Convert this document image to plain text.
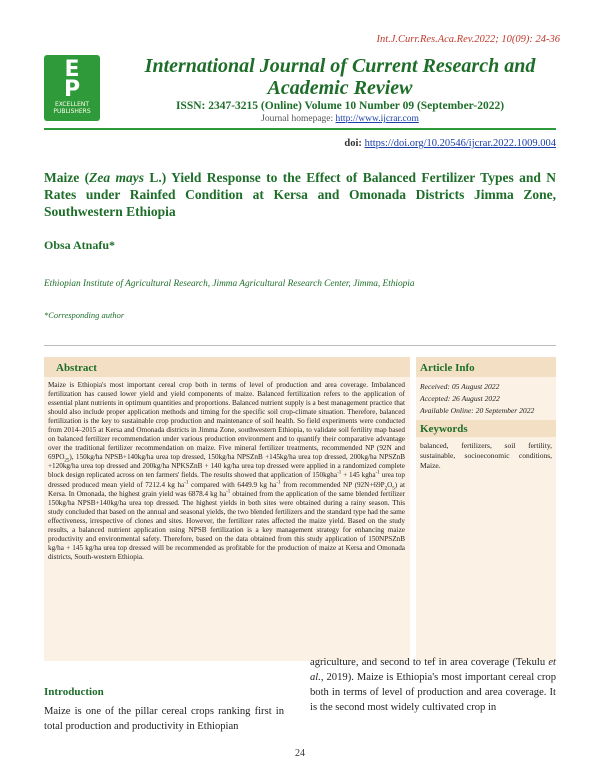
Int.J.Curr.Res.Aca.Rev.2022; 10(09): 24-36
E
P
EXCELLENT PUBLISHERS
International Journal of Current Research and Academic Review
ISSN: 2347-3215 (Online) Volume 10 Number 09 (September-2022)
Journal homepage: http://www.ijcrar.com
doi: https://doi.org/10.20546/ijcrar.2022.1009.004
Maize (Zea mays L.) Yield Response to the Effect of Balanced Fertilizer Types and N Rates under Rainfed Condition at Kersa and Omonada Districts Jimma Zone, Southwestern Ethiopia
Obsa Atnafu*
Ethiopian Institute of Agricultural Research, Jimma Agricultural Research Center, Jimma, Ethiopia
*Corresponding author
Abstract
Maize is Ethiopia's most important cereal crop both in terms of level of production and area coverage. Imbalanced fertilization has caused lower yield and yield components of maize. Balanced fertilization refers to the application of essential plant nutrients in optimum quantities and proportions. Balanced nutrient supply is a best management practice that should also include proper application methods and timing for the specific soil crop-climate situation. Therefore, balanced fertilization is the key to sustainable crop production and maintenance of soil health. So field experiments were conducted from 2014–2015 at Kersa and Omonada districts in Jimma Zone, southwestern Ethiopia, to validate soil fertility map based on balanced fertilizer recommendation under various production environment and to quantify their comparative advantage over the traditional fertilizer recommendation on maize. Five mineral fertilizer treatments, recommended NP (92N and $69PO_{25}$), 150kg/ha NPSB+140kg/ha urea top dressed, 150kg/ha NPSZnB +145kg/ha urea top dressed, 200kg/ha NPSZnB +120kg/ha urea top dressed and 200kg/ha NPKSZnB + 140 kg/ha urea top dressed were applied in a randomized complete block design replicated across on ten farmers' fields. The results showed that application of 150kgha$^{-1}$ + 145 kgha$^{-1}$ urea top dressed produced mean yield of 7212.4 kg $ha^{-1}$ compared with 6449.9 kg $ha^{-1}$ from recommended NP $(92N+69P_2O_5)$ at Kersa. In Omonada, the highest grain yield was 6878.4 kg $ha^{-1}$ obtained from the application of the same blended fertilizer 150kg/ha NPSB+140kg/ha urea top dressed. The highest yields in both sites were obtained during a rainy season. This study concluded that based on the annual and seasonal yields, the two blended fertilizers and the standard type had the same effectiveness, irrespective of clones and sites. However, the fertilizer rates affected the maize yield. Based on the study results, a balanced nutrient application using NPSB fertilization is a key management strategy for enhancing maize productivity and environmental safety. Therefore, based on the data obtained from this study application of 150NPSZnB kg/ha + 145 kg/ha urea top dressed will be recommended as profitable for the production of maize at Kersa and Omonada districts, South-western Ethiopia.
Article Info
Received: 05 August 2022
Accepted: 26 August 2022
Available Online: 20 September 2022
Keywords
balanced, fertilizers, soil fertility, sustainable, socioeconomic conditions, Maize.
Introduction
Maize is one of the pillar cereal crops ranking first in total production and productivity in Ethiopian
agriculture, and second to tef in area coverage (Tekulu et al., 2019). Maize is Ethiopia's most important cereal crop both in terms of level of production and area coverage. It is the second most widely cultivated crop in
24
